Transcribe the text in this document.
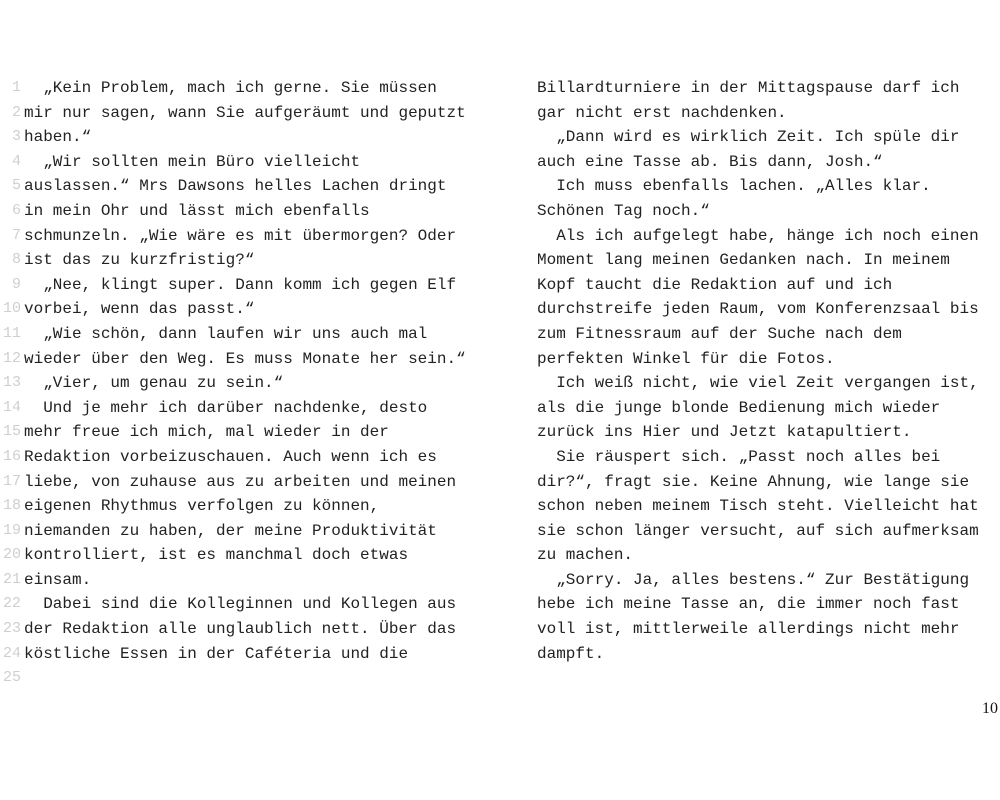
1 „Kein Problem, mach ich gerne. Sie müssen
2 mir nur sagen, wann Sie aufgeräumt und geputzt
3 haben.“
4 „Wir sollten mein Büro vielleicht
5 auslassen.“ Mrs Dawsons helles Lachen dringt
6 in mein Ohr und lässt mich ebenfalls
7 schmunzeln. „Wie wäre es mit übermorgen? Oder
8 ist das zu kurzfristig?“
9 „Nee, klingt super. Dann komm ich gegen Elf
10 vorbei, wenn das passt.“
11 „Wie schön, dann laufen wir uns auch mal
12 wieder über den Weg. Es muss Monate her sein.“
13 „Vier, um genau zu sein.“
14 Und je mehr ich darüber nachdenke, desto
15 mehr freue ich mich, mal wieder in der
16 Redaktion vorbeizuschauen. Auch wenn ich es
17 liebe, von zuhause aus zu arbeiten und meinen
18 eigenen Rhythmus verfolgen zu können,
19 niemanden zu haben, der meine Produktivität
20 kontrolliert, ist es manchmal doch etwas
21 einsam.
22 Dabei sind die Kolleginnen und Kollegen aus
23 der Redaktion alle unglaublich nett. Über das
24 köstliche Essen in der Caféteria und die
25
Billardturniere in der Mittagspause darf ich
gar nicht erst nachdenken.
„Dann wird es wirklich Zeit. Ich spüle dir
auch eine Tasse ab. Bis dann, Josh.“
Ich muss ebenfalls lachen. „Alles klar.
Schönen Tag noch.“
Als ich aufgelegt habe, hänge ich noch einen
Moment lang meinen Gedanken nach. In meinem
Kopf taucht die Redaktion auf und ich
durchstreife jeden Raum, vom Konferenzsaal bis
zum Fitnessraum auf der Suche nach dem
perfekten Winkel für die Fotos.
Ich weiß nicht, wie viel Zeit vergangen ist,
als die junge blonde Bedienung mich wieder
zurück ins Hier und Jetzt katapultiert.
Sie räuspert sich. „Passt noch alles bei
dir?“, fragt sie. Keine Ahnung, wie lange sie
schon neben meinem Tisch steht. Vielleicht hat
sie schon länger versucht, auf sich aufmerksam
zu machen.
„Sorry. Ja, alles bestens.“ Zur Bestätigung
hebe ich meine Tasse an, die immer noch fast
voll ist, mittlerweile allerdings nicht mehr
dampft.
10
